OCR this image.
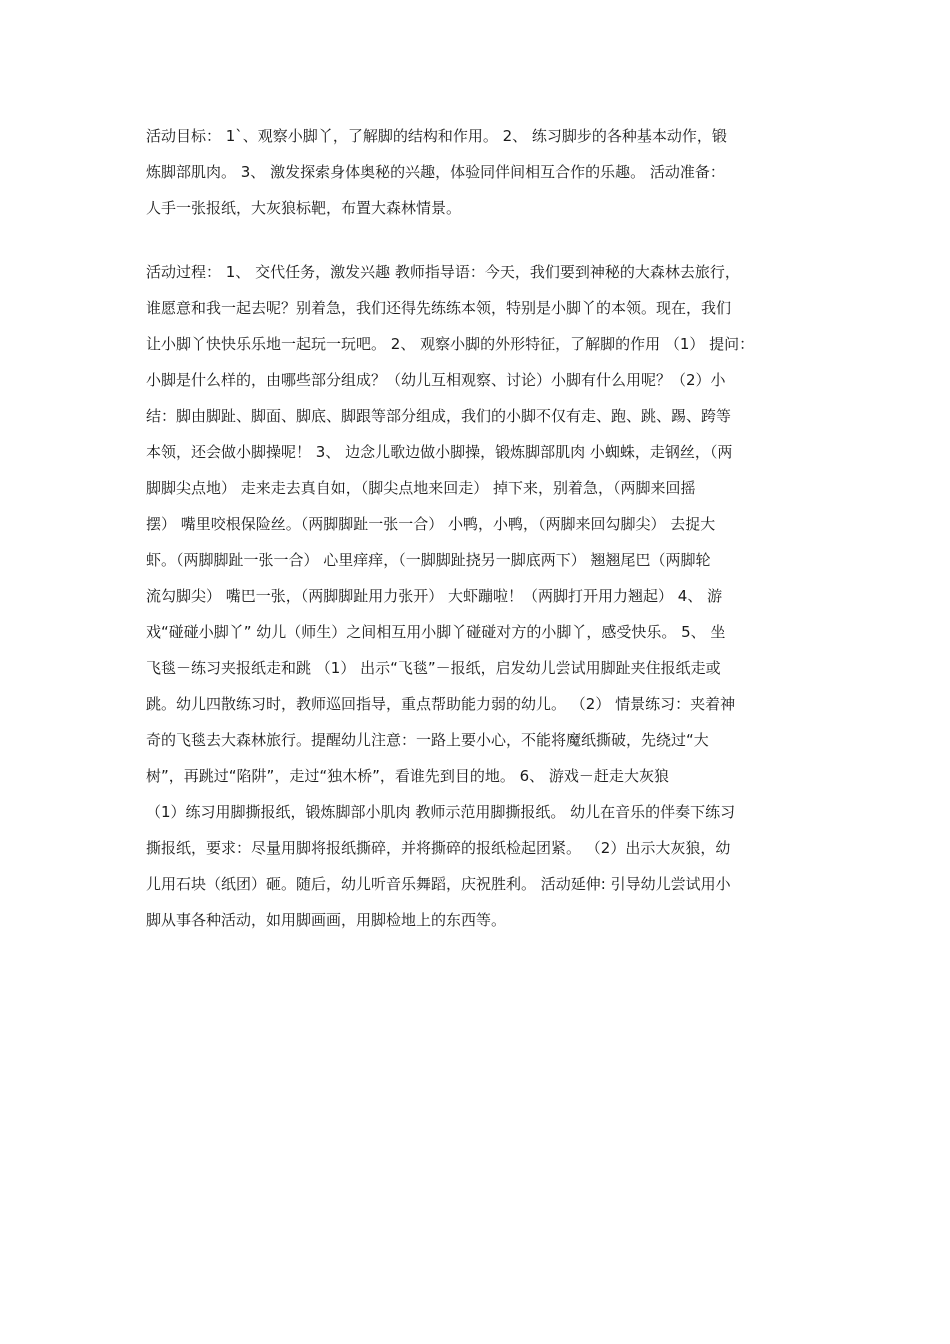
活动目标： 1`、观察小脚丫，了解脚的结构和作用。 2、 练习脚步的各种基本动作，锻
炼脚部肌肉。 3、 激发探索身体奥秘的兴趣，体验同伴间相互合作的乐趣。 活动准备：
人手一张报纸，大灰狼标靶，布置大森林情景。
活动过程： 1、 交代任务，激发兴趣 教师指导语：今天，我们要到神秘的大森林去旅行，
谁愿意和我一起去呢？别着急，我们还得先练练本领，特别是小脚丫的本领。现在，我们
让小脚丫快快乐乐地一起玩一玩吧。 2、 观察小脚的外形特征，了解脚的作用 （1） 提问：
小脚是什么样的，由哪些部分组成？（幼儿互相观察、讨论）小脚有什么用呢？（2）小
结：脚由脚趾、脚面、脚底、脚跟等部分组成，我们的小脚不仅有走、跑、跳、踢、跨等
本领，还会做小脚操呢！ 3、 边念儿歌边做小脚操，锻炼脚部肌肉 小蜘蛛，走钢丝，（两
脚脚尖点地） 走来走去真自如，（脚尖点地来回走） 掉下来，别着急，（两脚来回摇
摆） 嘴里咬根保险丝。（两脚脚趾一张一合） 小鸭，小鸭，（两脚来回勾脚尖） 去捉大
虾。（两脚脚趾一张一合） 心里痒痒，（一脚脚趾挠另一脚底两下） 翘翘尾巴（两脚轮
流勾脚尖） 嘴巴一张，（两脚脚趾用力张开） 大虾蹦啦！（两脚打开用力翘起） 4、 游
戏“碰碰小脚丫” 幼儿（师生）之间相互用小脚丫碰碰对方的小脚丫，感受快乐。 5、 坐
飞毯－练习夹报纸走和跳 （1） 出示“飞毯”－报纸，启发幼儿尝试用脚趾夹住报纸走或
跳。幼儿四散练习时，教师巡回指导，重点帮助能力弱的幼儿。 （2） 情景练习：夹着神
奇的飞毯去大森林旅行。提醒幼儿注意：一路上要小心，不能将魔纸撕破，先绕过“大
树”，再跳过“陷阱”，走过“独木桥”，看谁先到目的地。 6、 游戏－赶走大灰狼
（1）练习用脚撕报纸，锻炼脚部小肌肉 教师示范用脚撕报纸。 幼儿在音乐的伴奏下练习
撕报纸，要求：尽量用脚将报纸撕碎，并将撕碎的报纸检起团紧。 （2）出示大灰狼，幼
儿用石块（纸团）砸。随后，幼儿听音乐舞蹈，庆祝胜利。 活动延伸: 引导幼儿尝试用小
脚从事各种活动，如用脚画画，用脚检地上的东西等。
